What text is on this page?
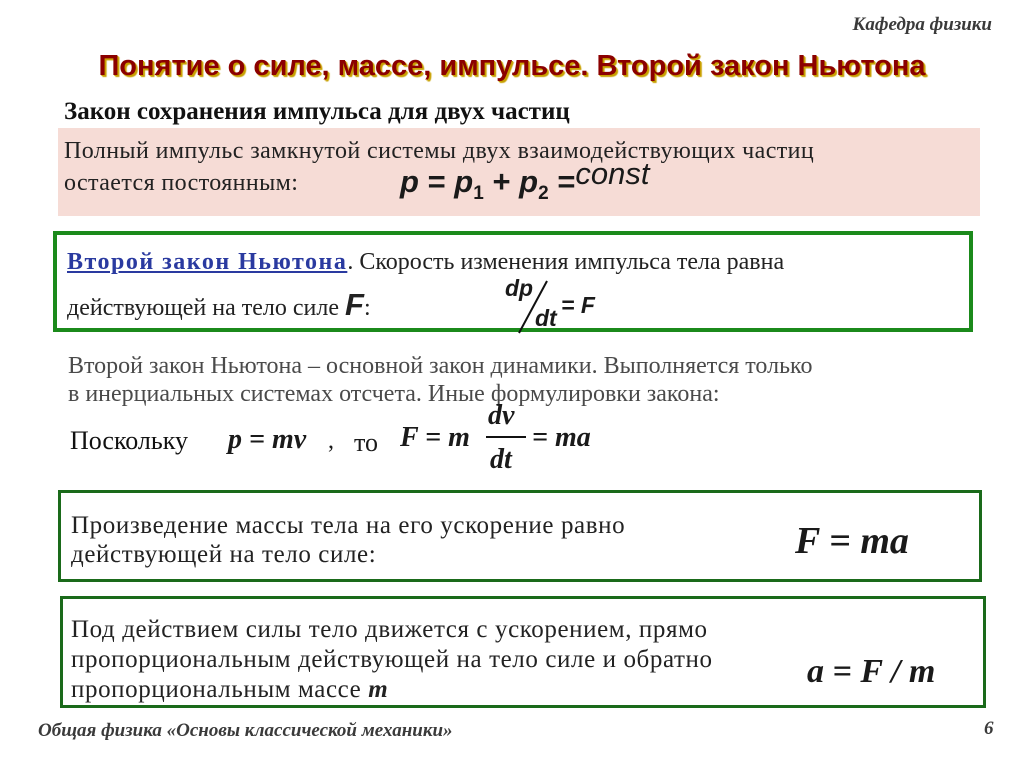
Кафедра физики
Понятие о силе, массе, импульсе. Второй закон Ньютона
Закон сохранения импульса для двух частиц
Полный импульс замкнутой системы двух взаимодействующих частиц
остается постоянным:	$p = p_1 + p_2$ =const
Второй закон Ньютона. Скорость изменения импульса тела равна
действующей на тело силе F:
dp
dt = F
Второй закон Ньютона – основной закон динамики. Выполняется только
в инерциальных системах отсчета. Иные формулировки закона:
Поскольку p = mv , то F = m
dv
dt
= ma
Произведение массы тела на его ускорение равно действующей на тело силе:	F = ma
Под действием силы тело движется с ускорением, прямо пропорциональным действующей на тело силе и обратно пропорциональным массе m	a = F / m
Общая физика «Основы классической механики»	6
